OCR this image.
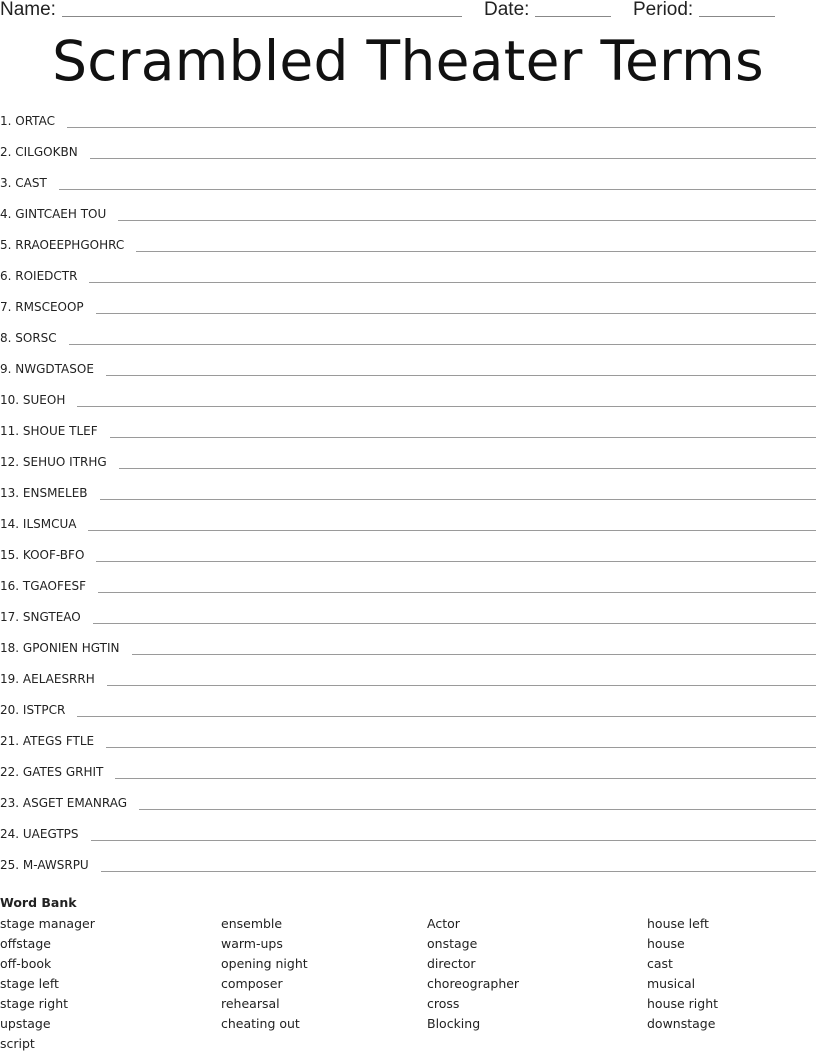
Name:	Date:	Period:
Scrambled Theater Terms
1. ORTAC
2. CILGOKBN
3. CAST
4. GINTCAEH TOU
5. RRAOEEPHGOHRC
6. ROIEDCTR
7. RMSCEOOP
8. SORSC
9. NWGDTASOE
10. SUEOH
11. SHOUE TLEF
12. SEHUO ITRHG
13. ENSMELEB
14. ILSMCUA
15. KOOF-BFO
16. TGAOFESF
17. SNGTEAO
18. GPONIEN HGTIN
19. AELAESRRH
20. ISTPCR
21. ATEGS FTLE
22. GATES GRHIT
23. ASGET EMANRAG
24. UAEGTPS
25. M-AWSRPU
Word Bank
stage manager
offstage
off-book
stage left
stage right
upstage
script
ensemble
warm-ups
opening night
composer
rehearsal
cheating out
Actor
onstage
director
choreographer
cross
Blocking
house left
house
cast
musical
house right
downstage
